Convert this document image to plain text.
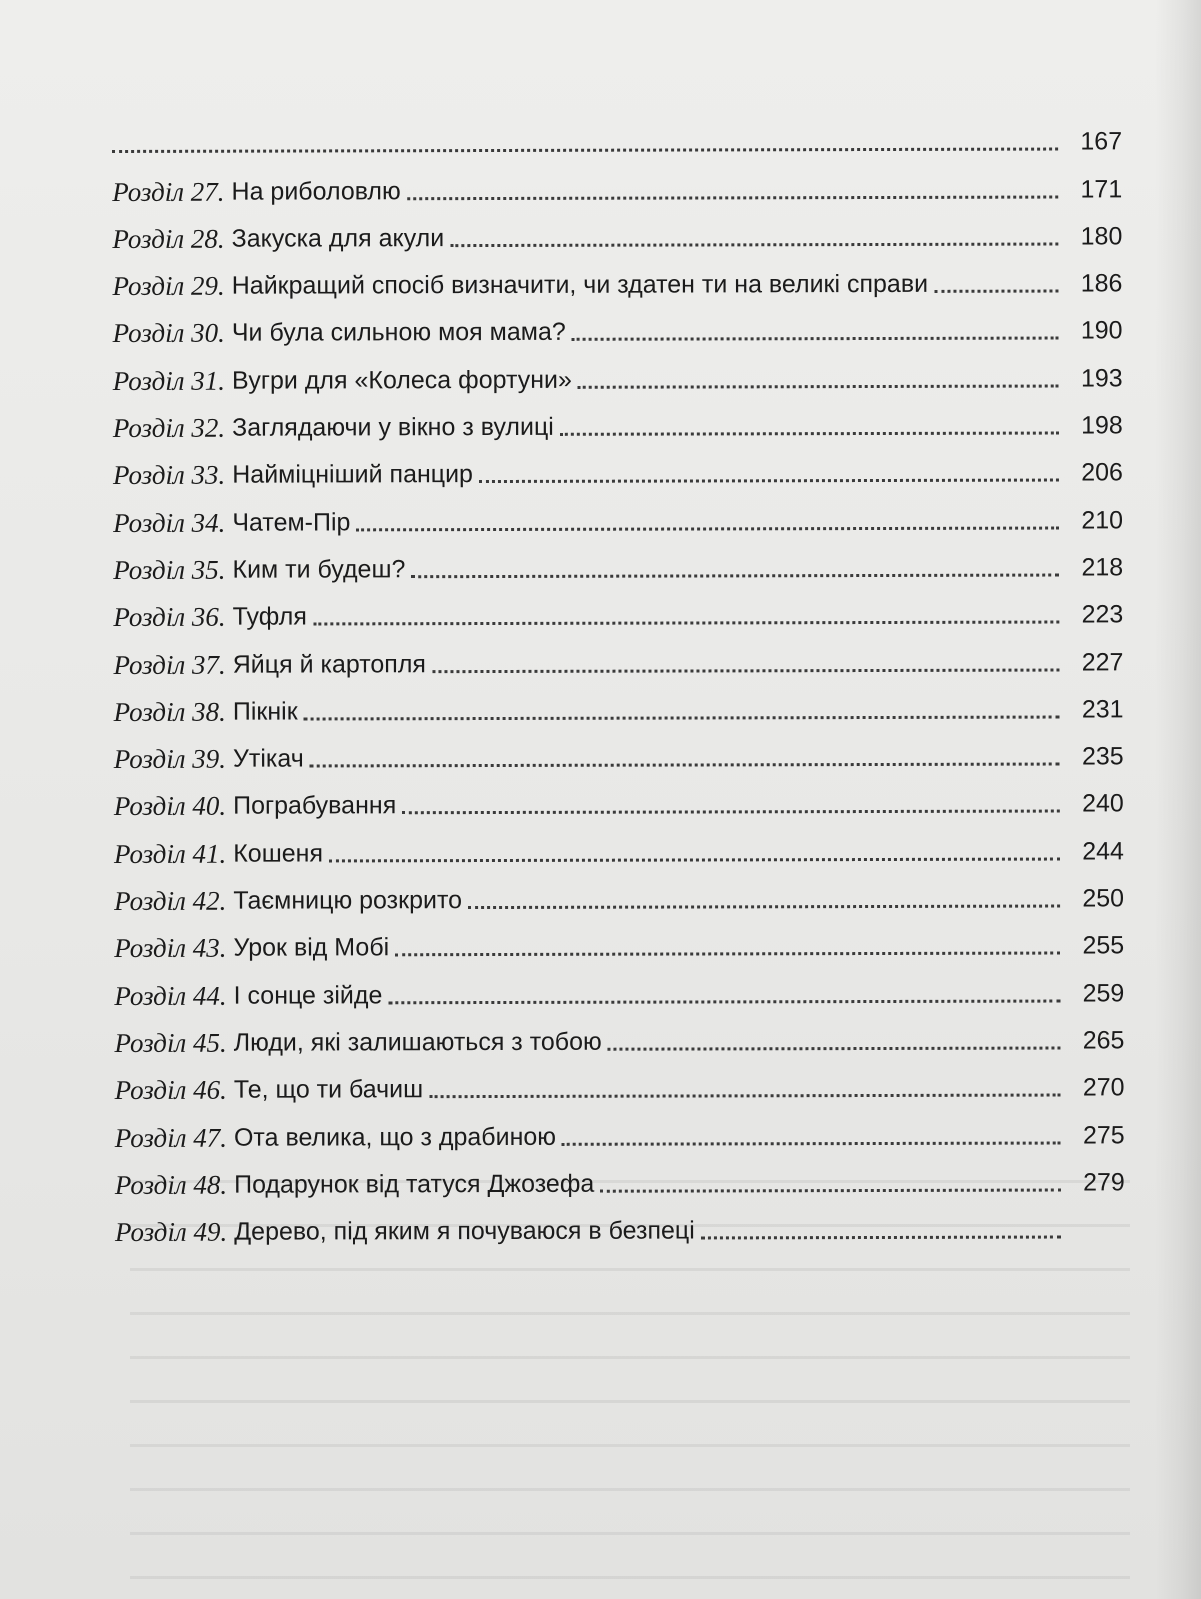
167
Розділ 27. На риболовлю	171
Розділ 28. Закуска для акули	180
Розділ 29. Найкращий спосіб визначити, чи здатен ти на великі справи	186
Розділ 30. Чи була сильною моя мама?	190
Розділ 31. Вугри для «Колеса фортуни»	193
Розділ 32. Заглядаючи у вікно з вулиці	198
Розділ 33. Наймiцніший панцир	206
Розділ 34. Чатем-Пір	210
Розділ 35. Ким ти будеш?	218
Розділ 36. Туфля	223
Розділ 37. Яйця й картопля	227
Розділ 38. Пікнік	231
Розділ 39. Утікач	235
Розділ 40. Пограбування	240
Розділ 41. Кошеня	244
Розділ 42. Таємницю розкрито	250
Розділ 43. Урок від Мобі	255
Розділ 44. І сонце зійде	259
Розділ 45. Люди, які залишаються з тобою	265
Розділ 46. Те, що ти бачиш	270
Розділ 47. Ота велика, що з драбиною	275
Розділ 48. Подарунок від татуся Джозефа	279
Розділ 49. Дерево, під яким я почуваюся в безпеці
